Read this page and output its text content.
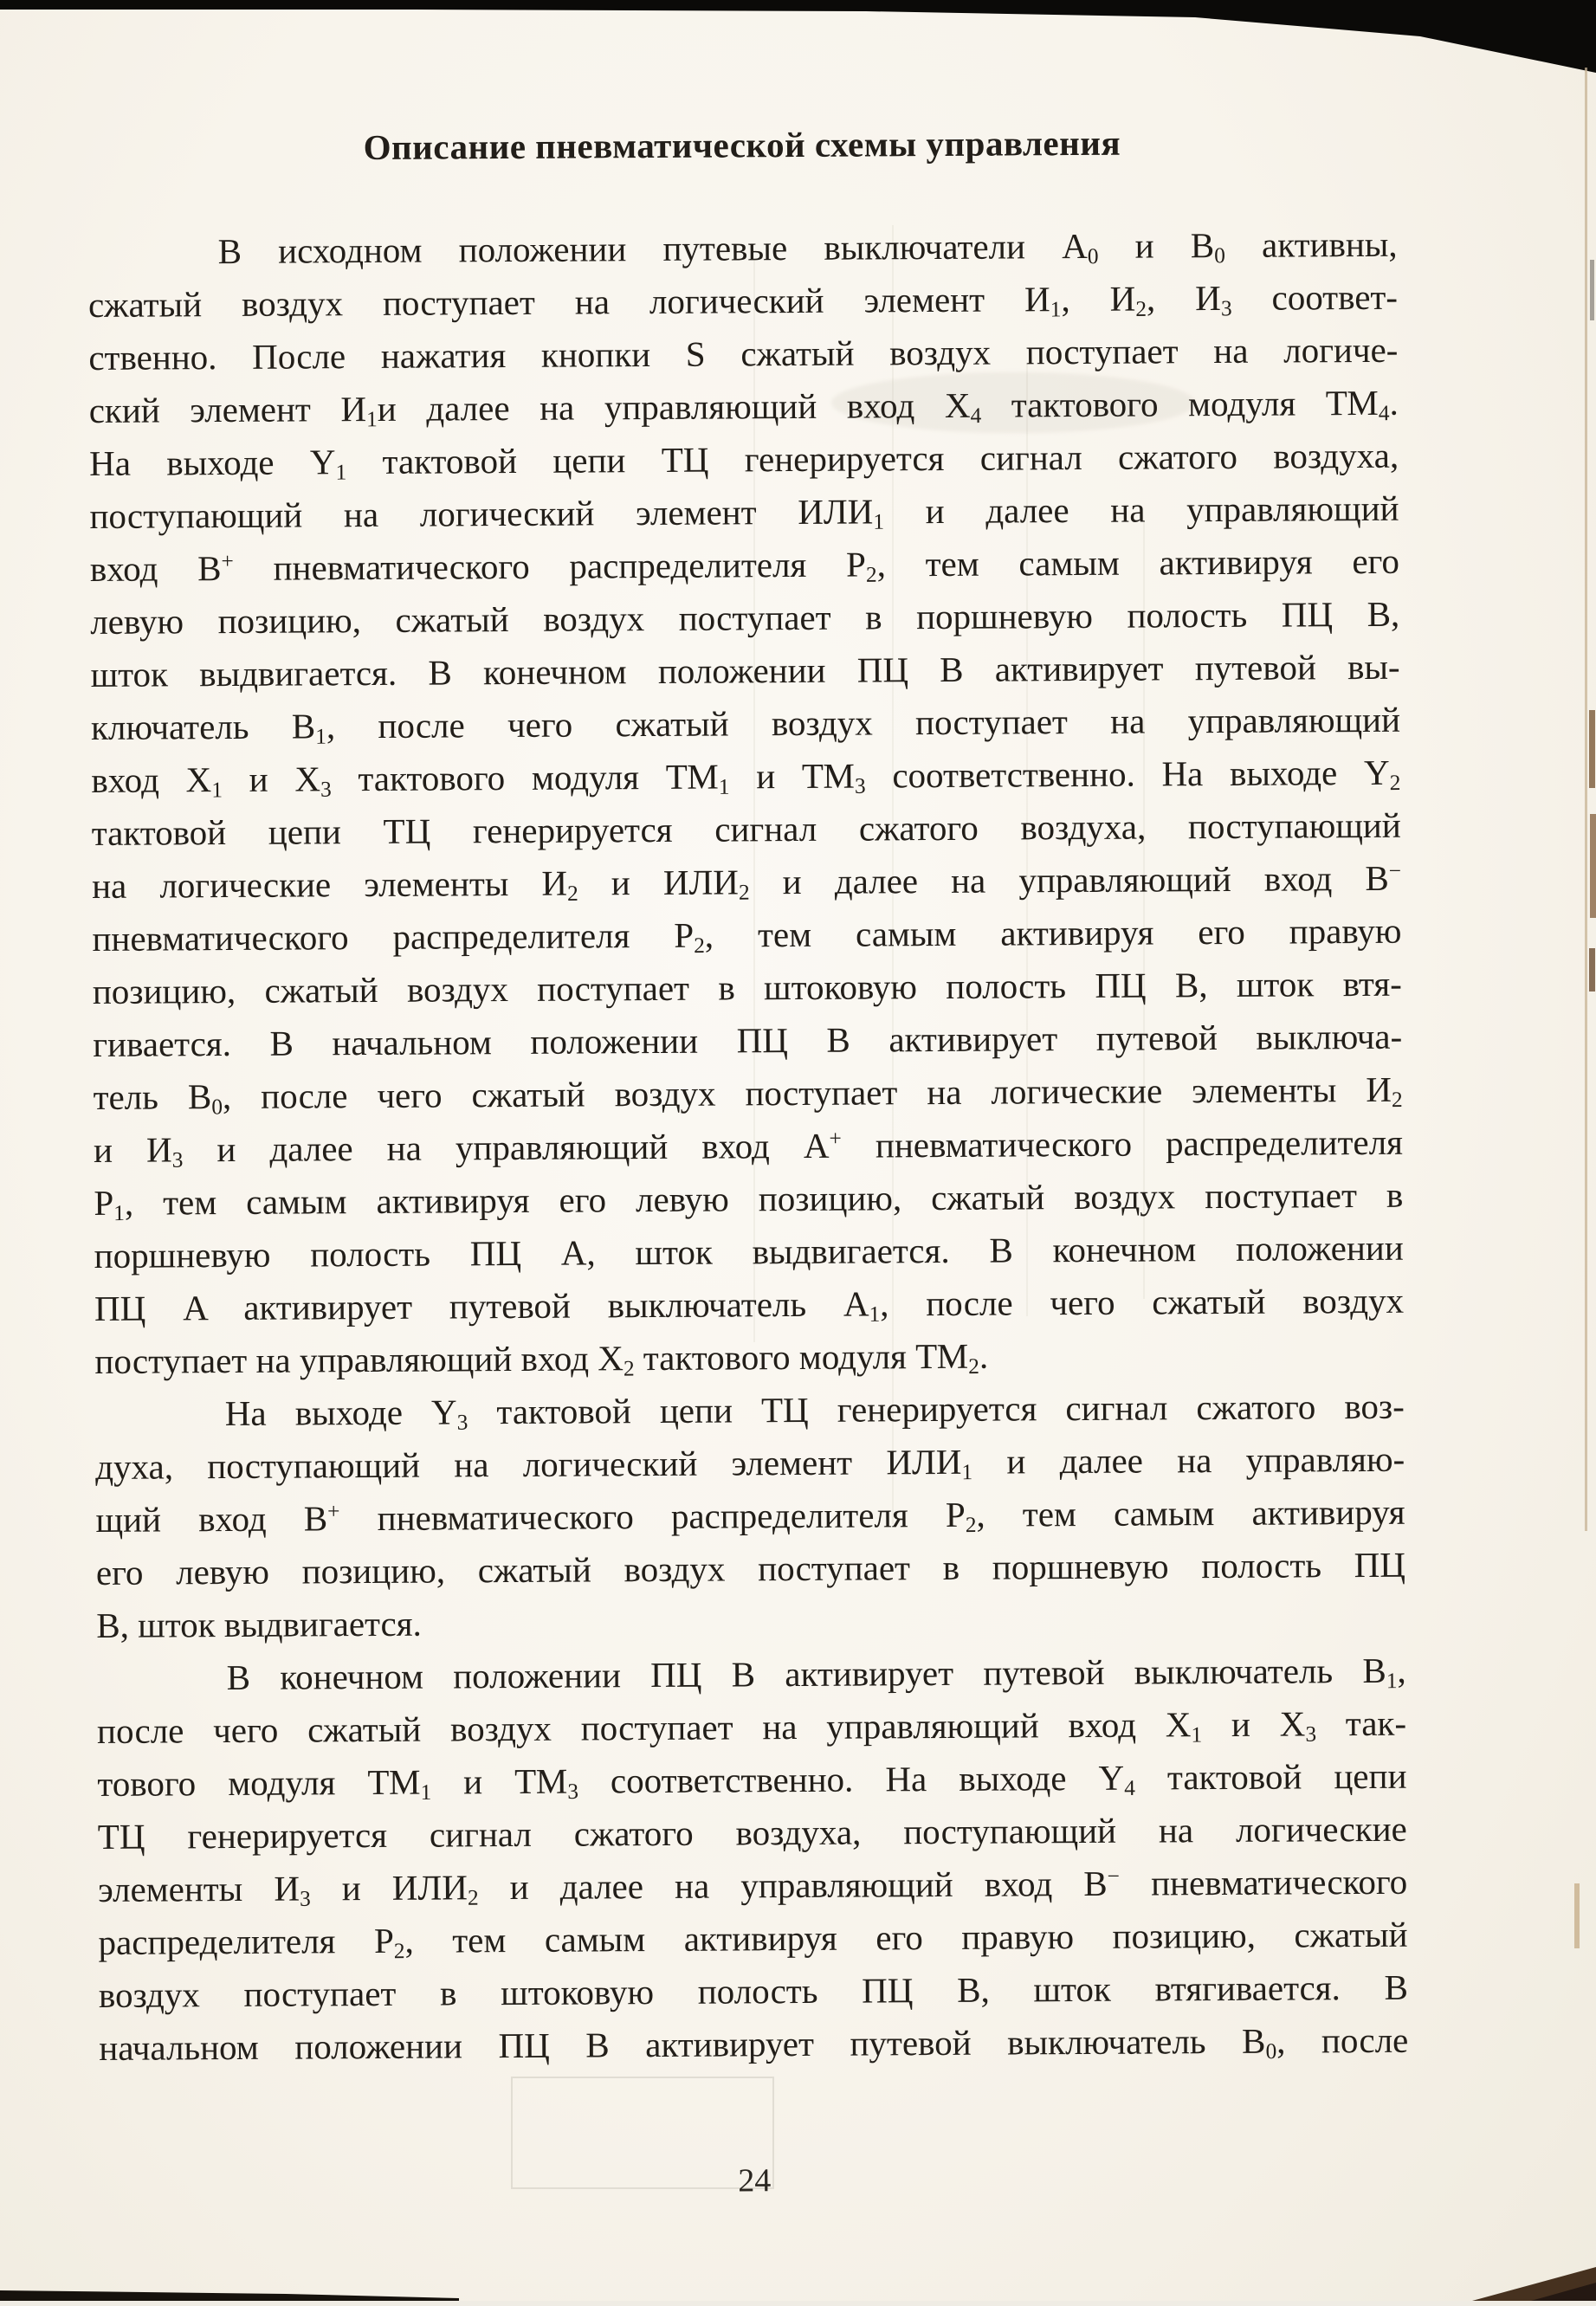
Описание пневматической схемы управления
В исходном положении путевые выключатели $A_0$ и $B_0$ активны,
сжатый воздух поступает на логический элемент $И_1$, $И_2$, $И_3$ соответ-
ственно. После нажатия кнопки S сжатый воздух поступает на логиче-
ский элемент $И_1и$ далее на управляющий вход $X_4$ тактового модуля $ТМ_4$.
На выходе $Y_1$ тактовой цепи ТЦ генерируется сигнал сжатого воздуха,
поступающий на логический элемент $ИЛИ_1$ и далее на управляющий
вход B+ пневматического распределителя $P_2$, тем самым активируя его
левую позицию, сжатый воздух поступает в поршневую полость ПЦ B,
шток выдвигается. В конечном положении ПЦ B активирует путевой вы-
ключатель $B_1$, после чего сжатый воздух поступает на управляющий
вход $X_1$ и $X_3$ тактового модуля $ТМ_1$ и $ТМ_3$ соответственно. На выходе $Y_2$
тактовой цепи ТЦ генерируется сигнал сжатого воздуха, поступающий
на логические элементы $И_2$ и $ИЛИ_2$ и далее на управляющий вход B−
пневматического распределителя $P_2$, тем самым активируя его правую
позицию, сжатый воздух поступает в штоковую полость ПЦ B, шток втя-
гивается. В начальном положении ПЦ B активирует путевой выключа-
тель $B_0$, после чего сжатый воздух поступает на логические элементы $И_2$
и $И_3$ и далее на управляющий вход A+ пневматического распределителя
$P_1$, тем самым активируя его левую позицию, сжатый воздух поступает в
поршневую полость ПЦ A, шток выдвигается. В конечном положении
ПЦ A активирует путевой выключатель $A_1$, после чего сжатый воздух
поступает на управляющий вход $X_2$ тактового модуля $ТМ_2$.
На выходе $Y_3$ тактовой цепи ТЦ генерируется сигнал сжатого воз-
духа, поступающий на логический элемент $ИЛИ_1$ и далее на управляю-
щий вход B+ пневматического распределителя $P_2$, тем самым активируя
его левую позицию, сжатый воздух поступает в поршневую полость ПЦ
B, шток выдвигается.
В конечном положении ПЦ B активирует путевой выключатель $B_1$,
после чего сжатый воздух поступает на управляющий вход $X_1$ и $X_3$ так-
тового модуля $ТМ_1$ и $ТМ_3$ соответственно. На выходе $Y_4$ тактовой цепи
ТЦ генерируется сигнал сжатого воздуха, поступающий на логические
элементы $И_3$ и $ИЛИ_2$ и далее на управляющий вход B− пневматического
распределителя $P_2$, тем самым активируя его правую позицию, сжатый
воздух поступает в штоковую полость ПЦ B, шток втягивается. В
начальном положении ПЦ B активирует путевой выключатель $B_0$, после
24
